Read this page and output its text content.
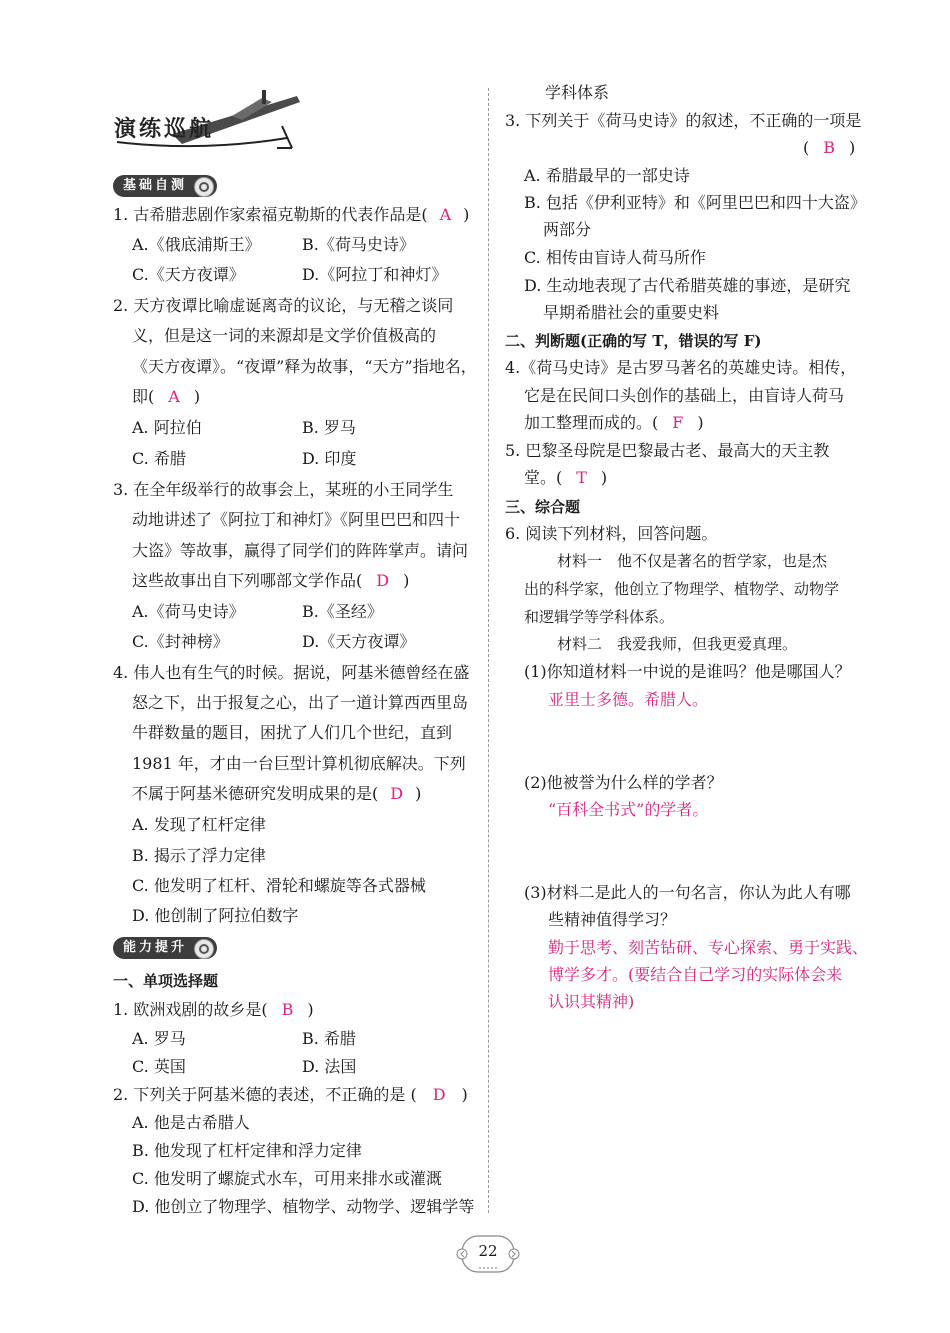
演练巡航
基础自测
1. 古希腊悲剧作家索福克勒斯的代表作品是( A )
A.《俄底浦斯王》	B.《荷马史诗》
C.《天方夜谭》	D.《阿拉丁和神灯》
2. 天方夜谭比喻虚诞离奇的议论，与无稽之谈同
义，但是这一词的来源却是文学价值极高的
《天方夜谭》。“夜谭”释为故事，“天方”指地名，
即( A )
A. 阿拉伯	B. 罗马
C. 希腊	D. 印度
3. 在全年级举行的故事会上，某班的小王同学生
动地讲述了《阿拉丁和神灯》《阿里巴巴和四十
大盗》等故事，赢得了同学们的阵阵掌声。请问
这些故事出自下列哪部文学作品( D )
A.《荷马史诗》	B.《圣经》
C.《封神榜》	D.《天方夜谭》
4. 伟人也有生气的时候。据说，阿基米德曾经在盛
怒之下，出于报复之心，出了一道计算西西里岛
牛群数量的题目，困扰了人们几个世纪，直到
1981 年，才由一台巨型计算机彻底解决。下列
不属于阿基米德研究发明成果的是( D )
A. 发现了杠杆定律
B. 揭示了浮力定律
C. 他发明了杠杆、滑轮和螺旋等各式器械
D. 他创制了阿拉伯数字
能力提升
一、单项选择题
1. 欧洲戏剧的故乡是( B )
A. 罗马	B. 希腊
C. 英国	D. 法国
2. 下列关于阿基米德的表述，不正确的是 ( D )
A. 他是古希腊人
B. 他发现了杠杆定律和浮力定律
C. 他发明了螺旋式水车，可用来排水或灌溉
D. 他创立了物理学、植物学、动物学、逻辑学等
学科体系
3. 下列关于《荷马史诗》的叙述，不正确的一项是
( B )
A. 希腊最早的一部史诗
B. 包括《伊利亚特》和《阿里巴巴和四十大盗》
两部分
C. 相传由盲诗人荷马所作
D. 生动地表现了古代希腊英雄的事迹，是研究
早期希腊社会的重要史料
二、判断题(正确的写 T，错误的写 F)
4.《荷马史诗》是古罗马著名的英雄史诗。相传，
它是在民间口头创作的基础上，由盲诗人荷马
加工整理而成的。( F )
5. 巴黎圣母院是巴黎最古老、最高大的天主教
堂。( T )
三、综合题
6. 阅读下列材料，回答问题。
材料一　他不仅是著名的哲学家，也是杰
出的科学家，他创立了物理学、植物学、动物学
和逻辑学等学科体系。
材料二　我爱我师，但我更爱真理。
(1)你知道材料一中说的是谁吗？他是哪国人？
亚里士多德。希腊人。
(2)他被誉为什么样的学者？
“百科全书式”的学者。
(3)材料二是此人的一句名言，你认为此人有哪
些精神值得学习？
勤于思考、刻苦钻研、专心探索、勇于实践、
博学多才。(要结合自己学习的实际体会来
认识其精神)
22
